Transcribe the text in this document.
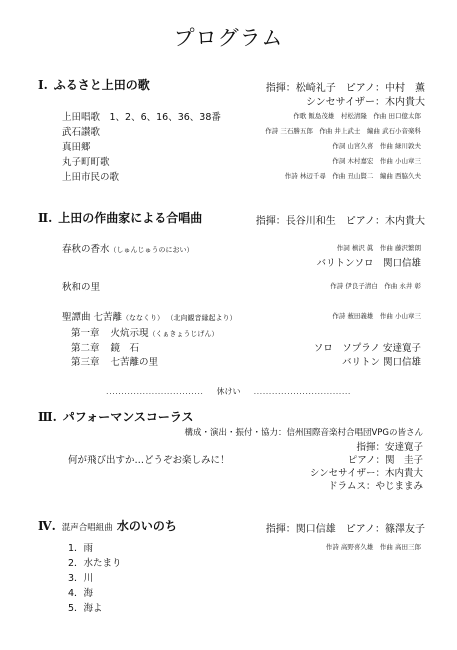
プログラム
Ⅰ. ふるさと上田の歌	指揮：松崎礼子　ピアノ：中村　薫
シンセサイザー：木内貴大
上田唱歌　1、2、6、16、36、38番	作歌 飯島茂雄　村松清隆　作曲 田口億太郎
武石讃歌	作詩 三石勝五郎　作曲 井上武士　編曲 武石小音楽科
真田郷	作詞 山宮久喜　作曲 緑川敦夫
丸子町町歌	作詞 木村嘉宏　作曲 小山章三
上田市民の歌	作詩 林辺千尋　作曲 丑山賢二　編曲 西脇久夫
Ⅱ. 上田の作曲家による合唱曲	指揮：長谷川和生　ピアノ：木内貴大
春秋の香水（しゅんじゅうのにおい）	作詞 槙沢 眞　作曲 藤沢繁朗
バリトンソロ　関口信雄
秋和の里	作詩 伊良子清白　作曲 永井 彰
聖譚曲 七苦離（ななくり） （北向観音縁起より）	作詩 薮田義雄　作曲 小山章三
第一章 火炕示現（くぁきょうじげん）
第二章 鏡　石	ソロ　ソプラノ 安達寛子
第三章 七苦離の里	バリトン 関口信雄
................................ 休けい ................................
Ⅲ. パフォーマンスコーラス
構成・演出・振付・協力：信州国際音楽村合唱団VPGの皆さん
指揮：安達寛子
何が飛び出すか…どうぞお楽しみに！	ピアノ：関　圭子
シンセサイザー：木内貴大
ドラムス：やじままみ
Ⅳ. 混声合唱組曲 水のいのち	指揮：関口信雄　ピアノ：篠澤友子
作詩 高野喜久雄　作曲 高田三郎
1．雨
2．水たまり
3．川
4．海
5．海よ
